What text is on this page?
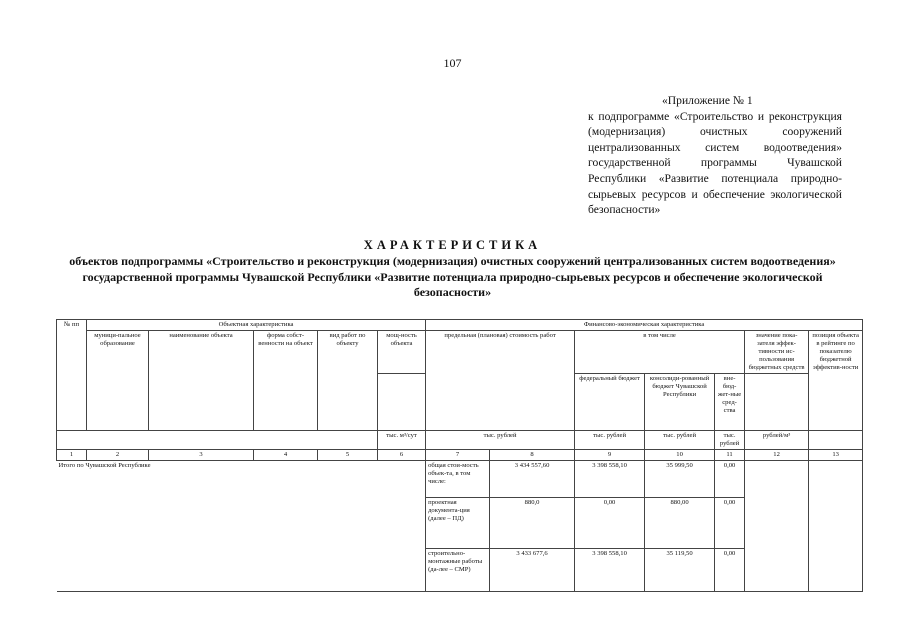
107
«Приложение № 1
к подпрограмме «Строительство и реконструкция (модернизация) очистных сооружений централизованных систем водоотведения» государственной программы Чувашской Республики «Развитие потенциала природно-сырьевых ресурсов и обеспечение экологической безопасности»
ХАРАКТЕРИСТИКА
объектов подпрограммы «Строительство и реконструкция (модернизация) очистных сооружений централизованных систем водоотведения» государственной программы Чувашской Республики «Развитие потенциала природно-сырьевых ресурсов и обеспечение экологической безопасности»
№ пп	Объектная характеристика					Финансово-экономическая характеристика						
	муници-пальное образование	наименование объекта	форма собст-венности на объект	вид работ по объекту	мощ-ность объекта	предельная (плановая) стоимость работ		в том числе			значение пока-зателя эффек-тивности ис-пользования бюджетных средств	позиция объекта в рейтинге по показателю бюджетной эффектив-ности
								федеральный бюджет	консолиди-рованный бюджет Чувашской Республики	вне-бюд-жет-ные сред-ства		
					тыс. м³/сут	тыс. рублей		тыс. рублей	тыс. рублей	тыс. рублей	рублей/м³	
1	2	3	4	5	6	7	8	9	10	11	12	13
Итого по Чувашской Республике						общая стои-мость объек-та, в том числе:	3 434 557,60	3 398 558,10	35 999,50	0,00		
						проектная документа-ция (далее – ПД)	880,0	0,00	880,00	0,00		
						строительно-монтажные работы (да-лее – СМР)	3 433 677,6	3 398 558,10	35 119,50	0,00		
